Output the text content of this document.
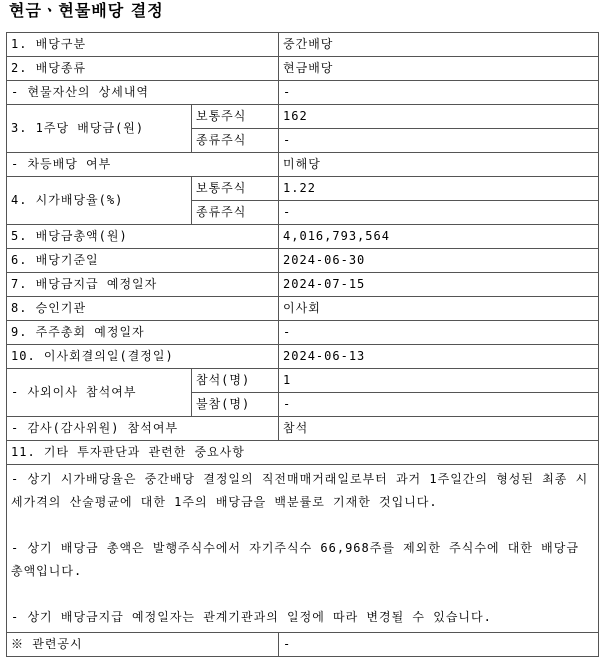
현금ㆍ현물배당 결정
1. 배당구분		중간배당
2. 배당종류		현금배당
- 현물자산의 상세내역		-
3. 1주당 배당금(원)	보통주식	162
	종류주식	-
- 차등배당 여부		미해당
4. 시가배당율(%)	보통주식	1.22
	종류주식	-
5. 배당금총액(원)		4,016,793,564
6. 배당기준일		2024-06-30
7. 배당금지급 예정일자		2024-07-15
8. 승인기관		이사회
9. 주주총회 예정일자		-
10. 이사회결의일(결정일)		2024-06-13
- 사외이사 참석여부	참석(명)	1
	불참(명)	-
- 감사(감사위원) 참석여부		참석
11. 기타 투자판단과 관련한 중요사항		

- 상기 시가배당율은 중간배당 결정일의 직전매매거래일로부터 과거 1주일간의 형성된 최종 시세가격의 산술평균에 대한 1주의 배당금을 백분률로 기재한 것입니다.
- 상기 배당금 총액은 발행주식수에서 자기주식수 66,968주를 제외한 주식수에 대한 배당금 총액입니다.
- 상기 배당금지급 예정일자는 관계기관과의 일정에 따라 변경될 수 있습니다.		

※ 관련공시		-
